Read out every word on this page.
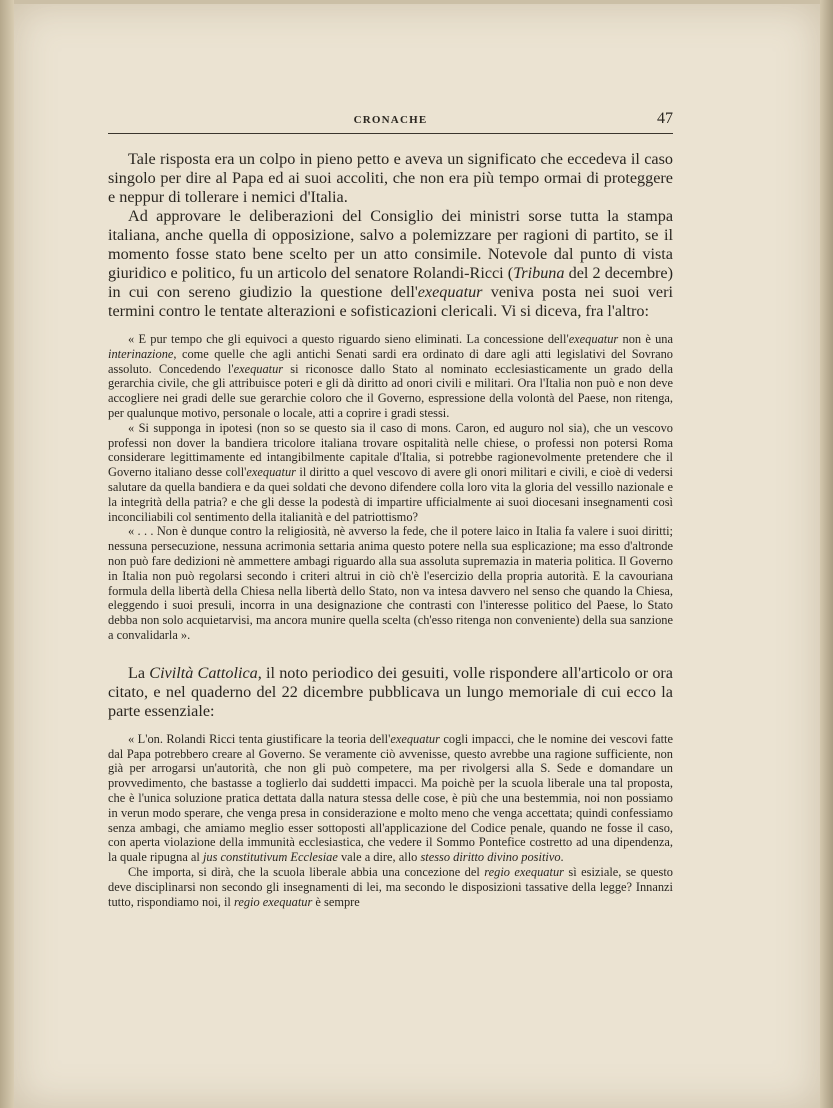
CRONACHE	47

Tale risposta era un colpo in pieno petto e aveva un significato che eccedeva il caso singolo per dire al Papa ed ai suoi accoliti, che non era più tempo ormai di proteggere e neppur di tollerare i nemici d'Italia.

Ad approvare le deliberazioni del Consiglio dei ministri sorse tutta la stampa italiana, anche quella di opposizione, salvo a polemizzare per ragioni di partito, se il momento fosse stato bene scelto per un atto consimile. Notevole dal punto di vista giuridico e politico, fu un articolo del senatore Rolandi-Ricci (Tribuna del 2 decembre) in cui con sereno giudizio la questione dell'exequatur veniva posta nei suoi veri termini contro le tentate alterazioni e sofisticazioni clericali. Vi si diceva, fra l'altro:

« E pur tempo che gli equivoci a questo riguardo sieno eliminati. La concessione dell'exequatur non è una interinazione, come quelle che agli antichi Senati sardi era ordinato di dare agli atti legislativi del Sovrano assoluto. Concedendo l'exequatur si riconosce dallo Stato al nominato ecclesiasticamente un grado della gerarchia civile, che gli attribuisce poteri e gli dà diritto ad onori civili e militari. Ora l'Italia non può e non deve accogliere nei gradi delle sue gerarchie coloro che il Governo, espressione della volontà del Paese, non ritenga, per qualunque motivo, personale o locale, atti a coprire i gradi stessi.

« Si supponga in ipotesi (non so se questo sia il caso di mons. Caron, ed auguro nol sia), che un vescovo professi non dover la bandiera tricolore italiana trovare ospitalità nelle chiese, o professi non potersi Roma considerare legittimamente ed intangibilmente capitale d'Italia, si potrebbe ragionevolmente pretendere che il Governo italiano desse coll'exequatur il diritto a quel vescovo di avere gli onori militari e civili, e cioè di vedersi salutare da quella bandiera e da quei soldati che devono difendere colla loro vita la gloria del vessillo nazionale e la integrità della patria? e che gli desse la podestà di impartire ufficialmente ai suoi diocesani insegnamenti così inconciliabili col sentimento della italianità e del patriottismo?

« . . . Non è dunque contro la religiosità, nè avverso la fede, che il potere laico in Italia fa valere i suoi diritti; nessuna persecuzione, nessuna acrimonia settaria anima questo potere nella sua esplicazione; ma esso d'altronde non può fare dedizioni nè ammettere ambagi riguardo alla sua assoluta supremazia in materia politica. Il Governo in Italia non può regolarsi secondo i criteri altrui in ciò ch'è l'esercizio della propria autorità. E la cavouriana formula della libertà della Chiesa nella libertà dello Stato, non va intesa davvero nel senso che quando la Chiesa, eleggendo i suoi presuli, incorra in una designazione che contrasti con l'interesse politico del Paese, lo Stato debba non solo acquietarvisi, ma ancora munire quella scelta (ch'esso ritenga non conveniente) della sua sanzione a convalidarla ».

La Civiltà Cattolica, il noto periodico dei gesuiti, volle rispondere all'articolo or ora citato, e nel quaderno del 22 dicembre pubblicava un lungo memoriale di cui ecco la parte essenziale:

« L'on. Rolandi Ricci tenta giustificare la teoria dell'exequatur cogli impacci, che le nomine dei vescovi fatte dal Papa potrebbero creare al Governo. Se veramente ciò avvenisse, questo avrebbe una ragione sufficiente, non già per arrogarsi un'autorità, che non gli può competere, ma per rivolgersi alla S. Sede e domandare un provvedimento, che bastasse a toglierlo dai suddetti impacci. Ma poichè per la scuola liberale una tal proposta, che è l'unica soluzione pratica dettata dalla natura stessa delle cose, è più che una bestemmia, noi non possiamo in verun modo sperare, che venga presa in considerazione e molto meno che venga accettata; quindi confessiamo senza ambagi, che amiamo meglio esser sottoposti all'applicazione del Codice penale, quando ne fosse il caso, con aperta violazione della immunità ecclesiastica, che vedere il Sommo Pontefice costretto ad una dipendenza, la quale ripugna al jus constitutivum Ecclesiae vale a dire, allo stesso diritto divino positivo.

Che importa, si dirà, che la scuola liberale abbia una concezione del regio exequatur sì esiziale, se questo deve disciplinarsi non secondo gli insegnamenti di lei, ma secondo le disposizioni tassative della legge? Innanzi tutto, rispondiamo noi, il regio exequatur è sempre
